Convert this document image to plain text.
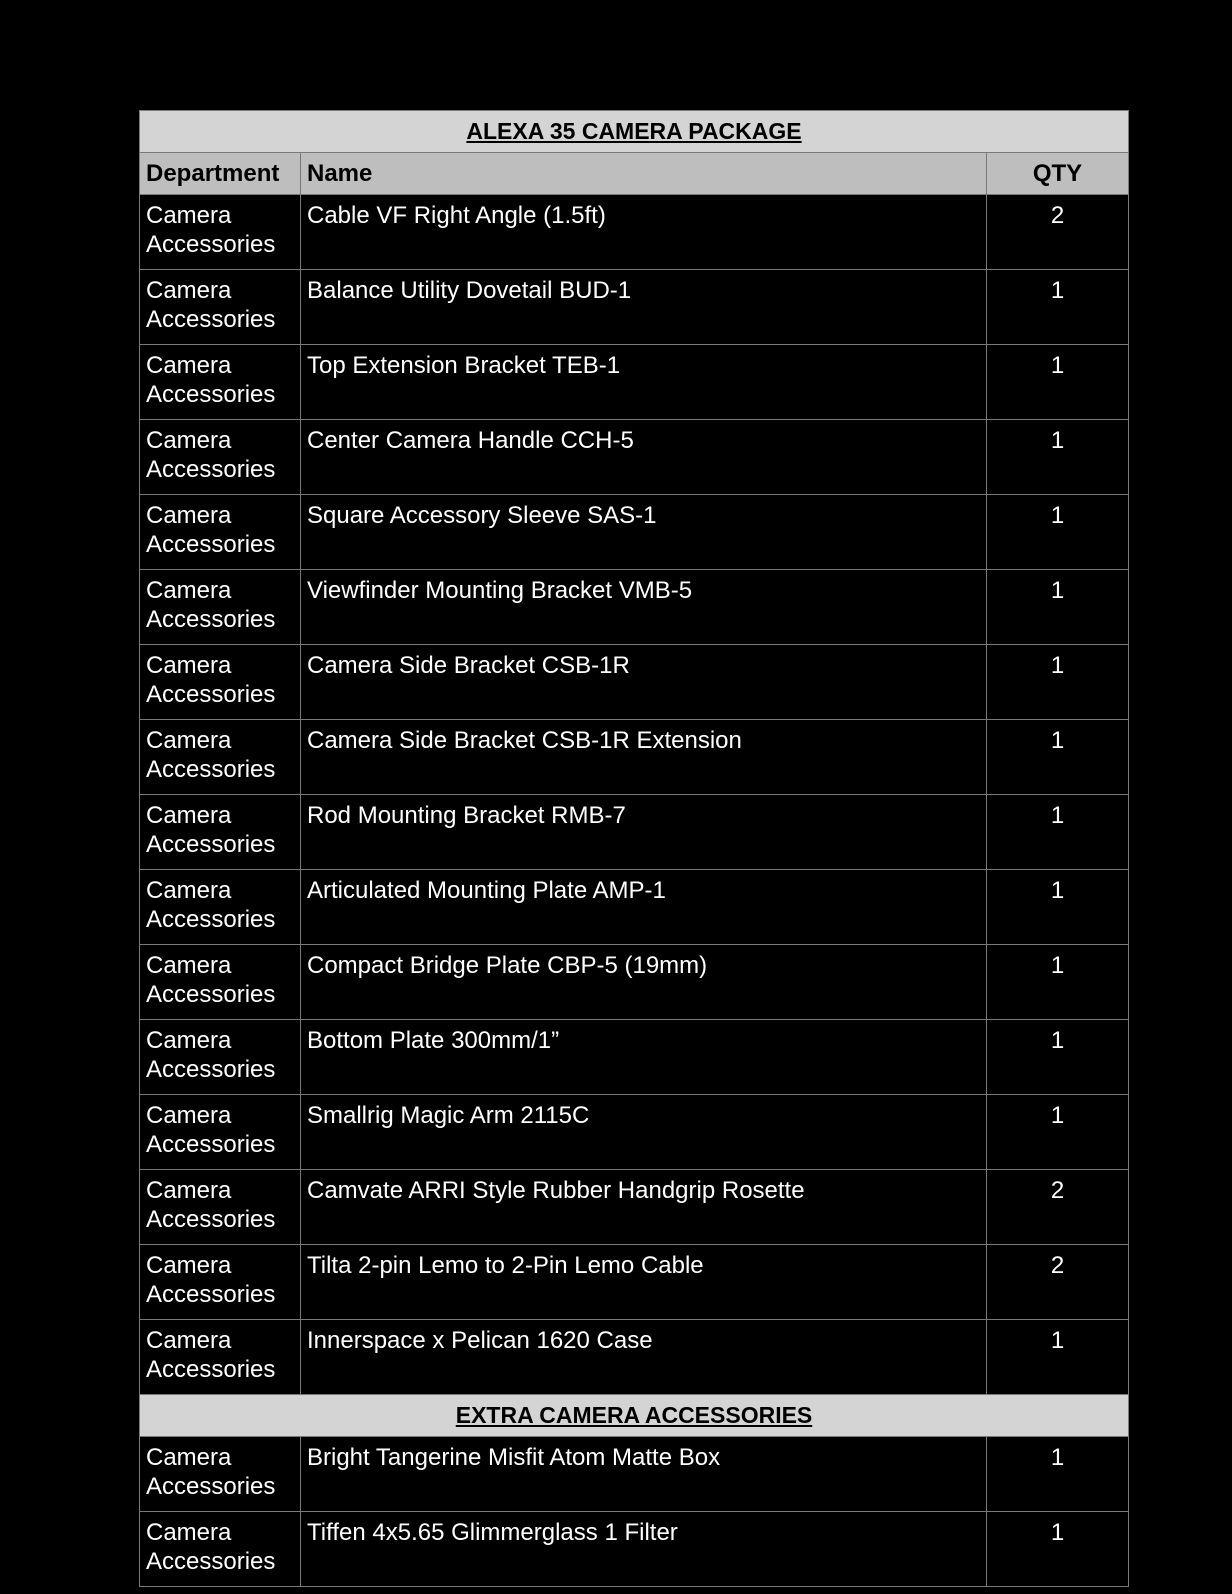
ALEXA 35 CAMERA PACKAGE		
Department	Name	QTY

Camera
Accessories	Cable VF Right Angle (1.5ft)	2

Camera
Accessories	Balance Utility Dovetail BUD-1	1

Camera
Accessories	Top Extension Bracket TEB-1	1

Camera
Accessories	Center Camera Handle CCH-5	1

Camera
Accessories	Square Accessory Sleeve SAS-1	1

Camera
Accessories	Viewfinder Mounting Bracket VMB-5	1

Camera
Accessories	Camera Side Bracket CSB-1R	1

Camera
Accessories	Camera Side Bracket CSB-1R Extension	1

Camera
Accessories	Rod Mounting Bracket RMB-7	1

Camera
Accessories	Articulated Mounting Plate AMP-1	1

Camera
Accessories	Compact Bridge Plate CBP-5 (19mm)	1

Camera
Accessories	Bottom Plate 300mm/1”	1

Camera
Accessories	Smallrig Magic Arm 2115C	1

Camera
Accessories	Camvate ARRI Style Rubber Handgrip Rosette	2

Camera
Accessories	Tilta 2-pin Lemo to 2-Pin Lemo Cable	2

Camera
Accessories	Innerspace x Pelican 1620 Case	1
EXTRA CAMERA ACCESSORIES		

Camera
Accessories	Bright Tangerine Misfit Atom Matte Box	1

Camera
Accessories	Tiffen 4x5.65 Glimmerglass 1 Filter	1
